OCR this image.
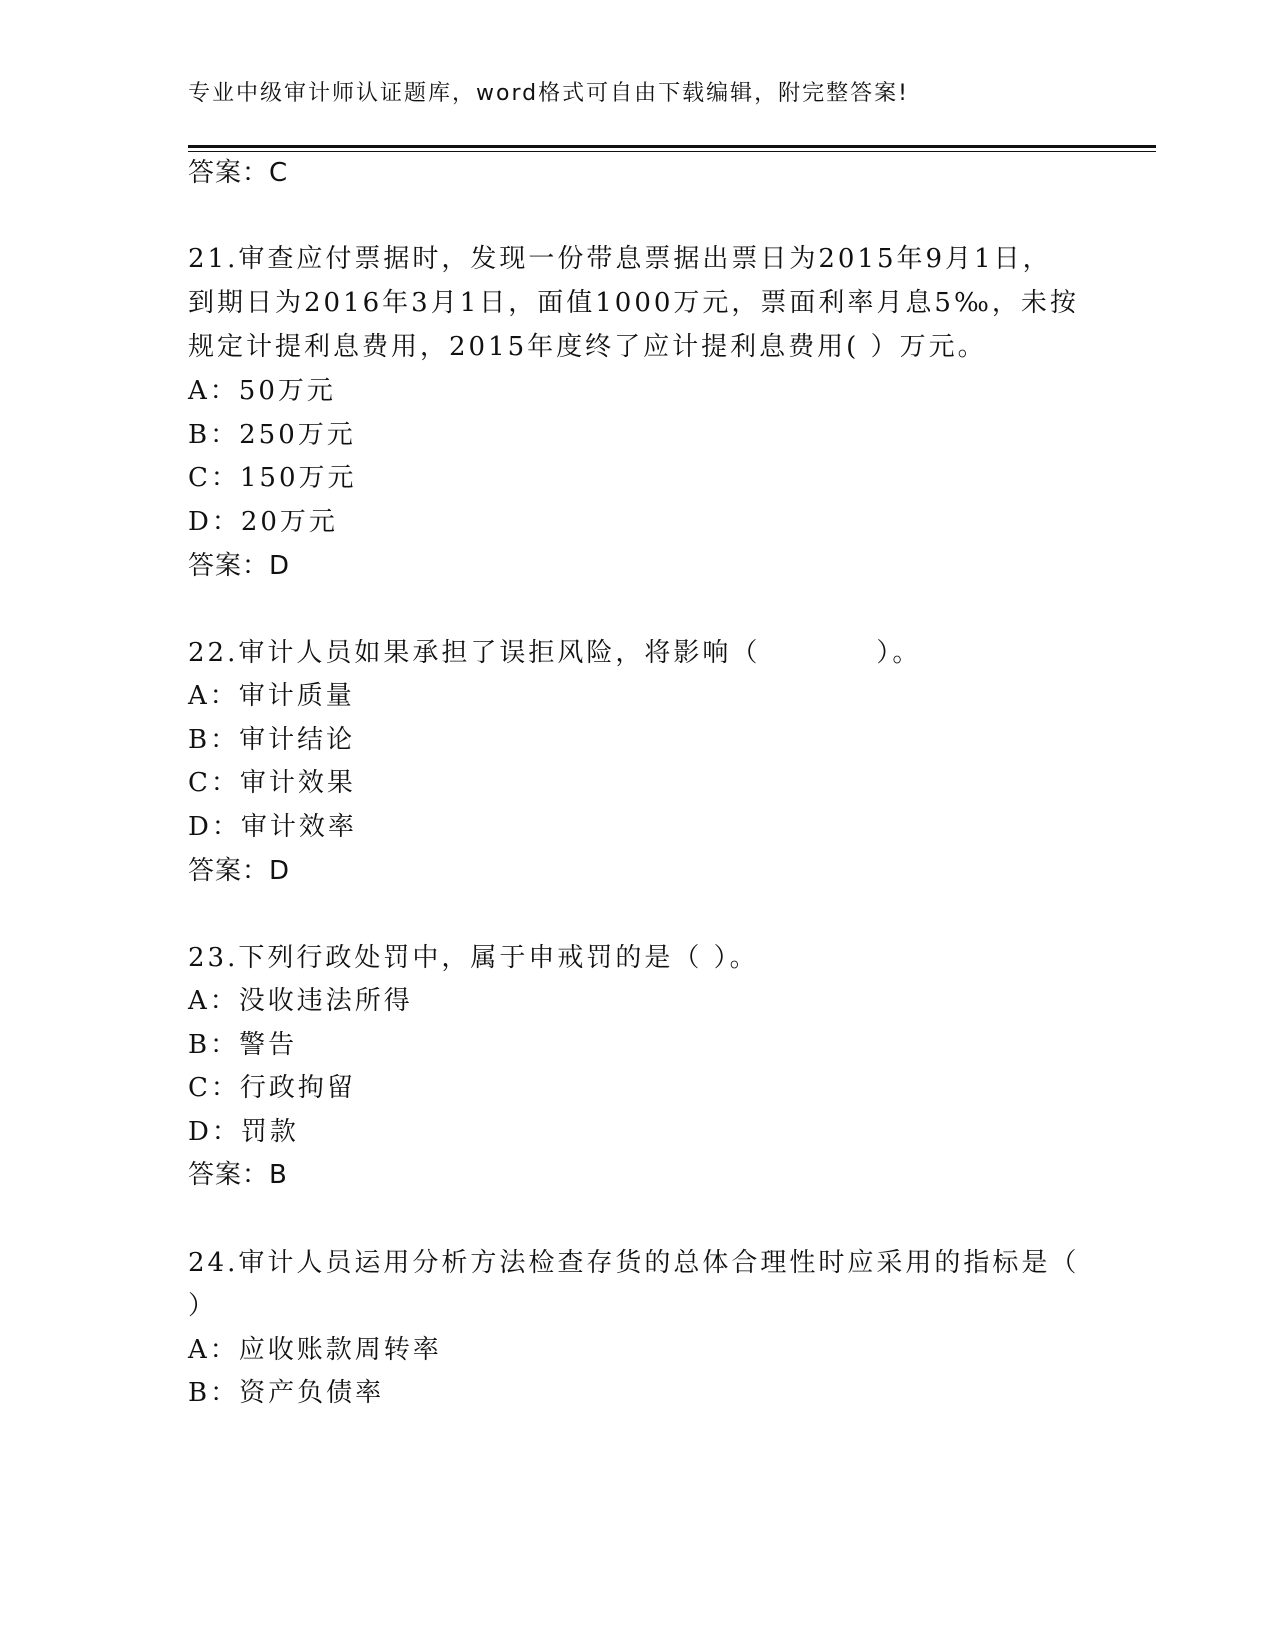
专业中级审计师认证题库，word格式可自由下载编辑，附完整答案!
答案：C
21.审查应付票据时，发现一份带息票据出票日为2015年9月1日，
到期日为2016年3月1日，面值1000万元，票面利率月息5‰，未按
规定计提利息费用，2015年度终了应计提利息费用( ）万元。
A：50万元
B：250万元
C：150万元
D：20万元
答案：D
22.审计人员如果承担了误拒风险，将影响（　　　　）。
A：审计质量
B：审计结论
C：审计效果
D：审计效率
答案：D
23.下列行政处罚中，属于申戒罚的是（ ）。
A：没收违法所得
B：警告
C：行政拘留
D：罚款
答案：B
24.审计人员运用分析方法检查存货的总体合理性时应采用的指标是（
）
A：应收账款周转率
B：资产负债率
